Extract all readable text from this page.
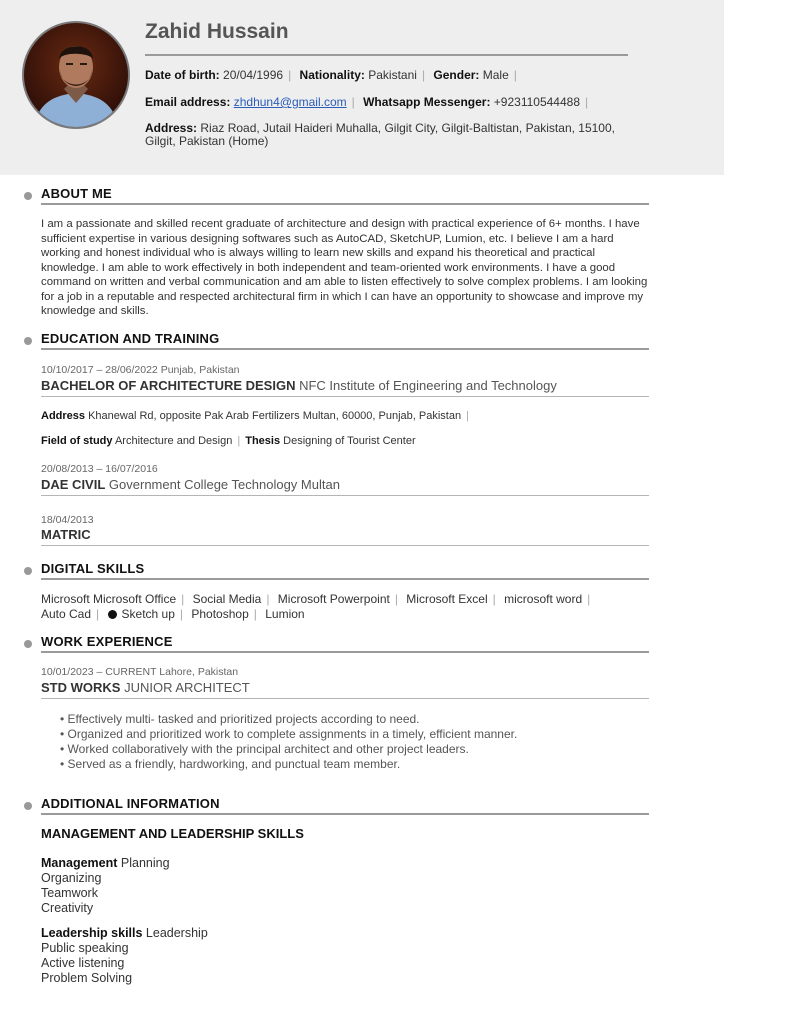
Zahid Hussain
Date of birth: 20/04/1996 | Nationality: Pakistani | Gender: Male |
Email address: zhdhun4@gmail.com | Whatsapp Messenger: +923110544488 |
Address: Riaz Road, Jutail Haideri Muhalla, Gilgit City, Gilgit-Baltistan, Pakistan, 15100, Gilgit, Pakistan (Home)
ABOUT ME
I am a passionate and skilled recent graduate of architecture and design with practical experience of 6+ months. I have sufficient expertise in various designing softwares such as AutoCAD, SketchUP, Lumion, etc. I believe I am a hard working and honest individual who is always willing to learn new skills and expand his theoretical and practical knowledge. I am able to work effectively in both independent and team-oriented work environments. I have a good command on written and verbal communication and am able to listen effectively to solve complex problems. I am looking for a job in a reputable and respected architectural firm in which I can have an opportunity to showcase and improve my knowledge and skills.
EDUCATION AND TRAINING
10/10/2017 – 28/06/2022 Punjab, Pakistan
BACHELOR OF ARCHITECTURE DESIGN NFC Institute of Engineering and Technology
Address Khanewal Rd, opposite Pak Arab Fertilizers Multan, 60000, Punjab, Pakistan |
Field of study Architecture and Design | Thesis Designing of Tourist Center
20/08/2013 – 16/07/2016
DAE CIVIL Government College Technology Multan
18/04/2013
MATRIC
DIGITAL SKILLS
Microsoft Microsoft Office | Social Media | Microsoft Powerpoint | Microsoft Excel | microsoft word |
Auto Cad | Sketch up | Photoshop | Lumion
WORK EXPERIENCE
10/01/2023 – CURRENT Lahore, Pakistan
STD WORKS JUNIOR ARCHITECT
• Effectively multi- tasked and prioritized projects according to need.
• Organized and prioritized work to complete assignments in a timely, efficient manner.
• Worked collaboratively with the principal architect and other project leaders.
• Served as a friendly, hardworking, and punctual team member.
ADDITIONAL INFORMATION
MANAGEMENT AND LEADERSHIP SKILLS
Management Planning
Organizing
Teamwork
Creativity
Leadership skills Leadership
Public speaking
Active listening
Problem Solving
